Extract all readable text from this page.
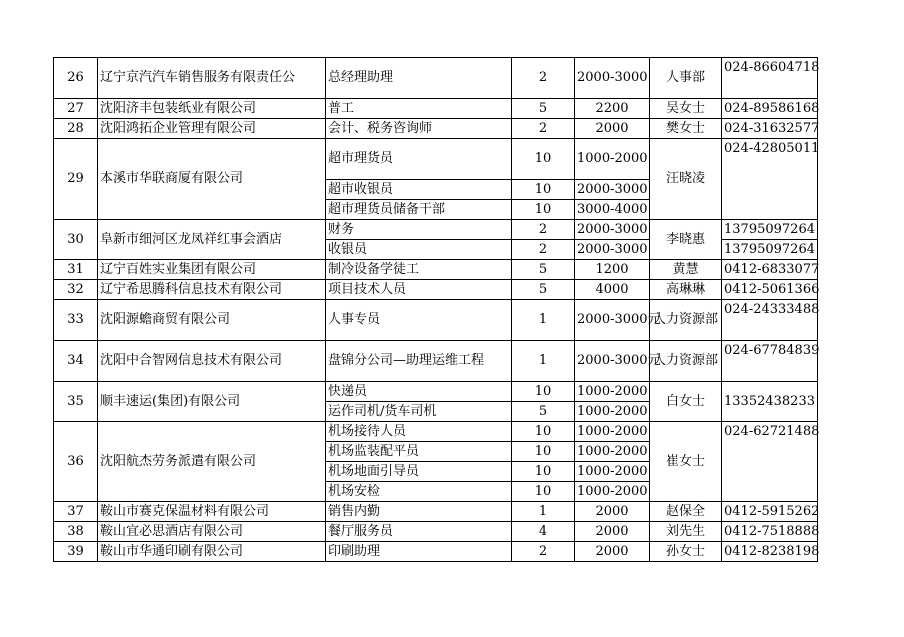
26	辽宁京汽汽车销售服务有限责任公	总经理助理	2	2000-3000	人事部	024-86604718
27	沈阳济丰包装纸业有限公司	普工	5	2200	吴女士	024-89586168
28	沈阳鸿拓企业管理有限公司	会计、税务咨询师	2	2000	樊女士	024-31632577
29	本溪市华联商厦有限公司	超市理货员	10	1000-2000	汪晓凌	024-42805011
		超市收银员	10	2000-3000		
		超市理货员储备干部	10	3000-4000		
30	阜新市细河区龙凤祥红事会酒店	财务	2	2000-3000	李晓惠	13795097264
		收银员	2	2000-3000		13795097264
31	辽宁百姓实业集团有限公司	制冷设备学徒工	5	1200	黄慧	0412-6833077
32	辽宁希思腾科信息技术有限公司	项目技术人员	5	4000	高琳琳	0412-5061366
33	沈阳源蟾商贸有限公司	人事专员	1	2000-3000元	人力资源部	024-24333488
34	沈阳中合智网信息技术有限公司	盘锦分公司—助理运维工程	1	2000-3000元	人力资源部	024-67784839
35	顺丰速运(集团)有限公司	快递员	10	1000-2000	白女士	13352438233
		运作司机/货车司机	5	1000-2000		
36	沈阳航杰劳务派遣有限公司	机场接待人员	10	1000-2000	崔女士	024-62721488
		机场监装配平员	10	1000-2000		
		机场地面引导员	10	1000-2000		
		机场安检	10	1000-2000		
37	鞍山市赛克保温材料有限公司	销售内勤	1	2000	赵保全	0412-5915262
38	鞍山宜必思酒店有限公司	餐厅服务员	4	2000	刘先生	0412-7518888
39	鞍山市华通印刷有限公司	印刷助理	2	2000	孙女士	0412-8238198
